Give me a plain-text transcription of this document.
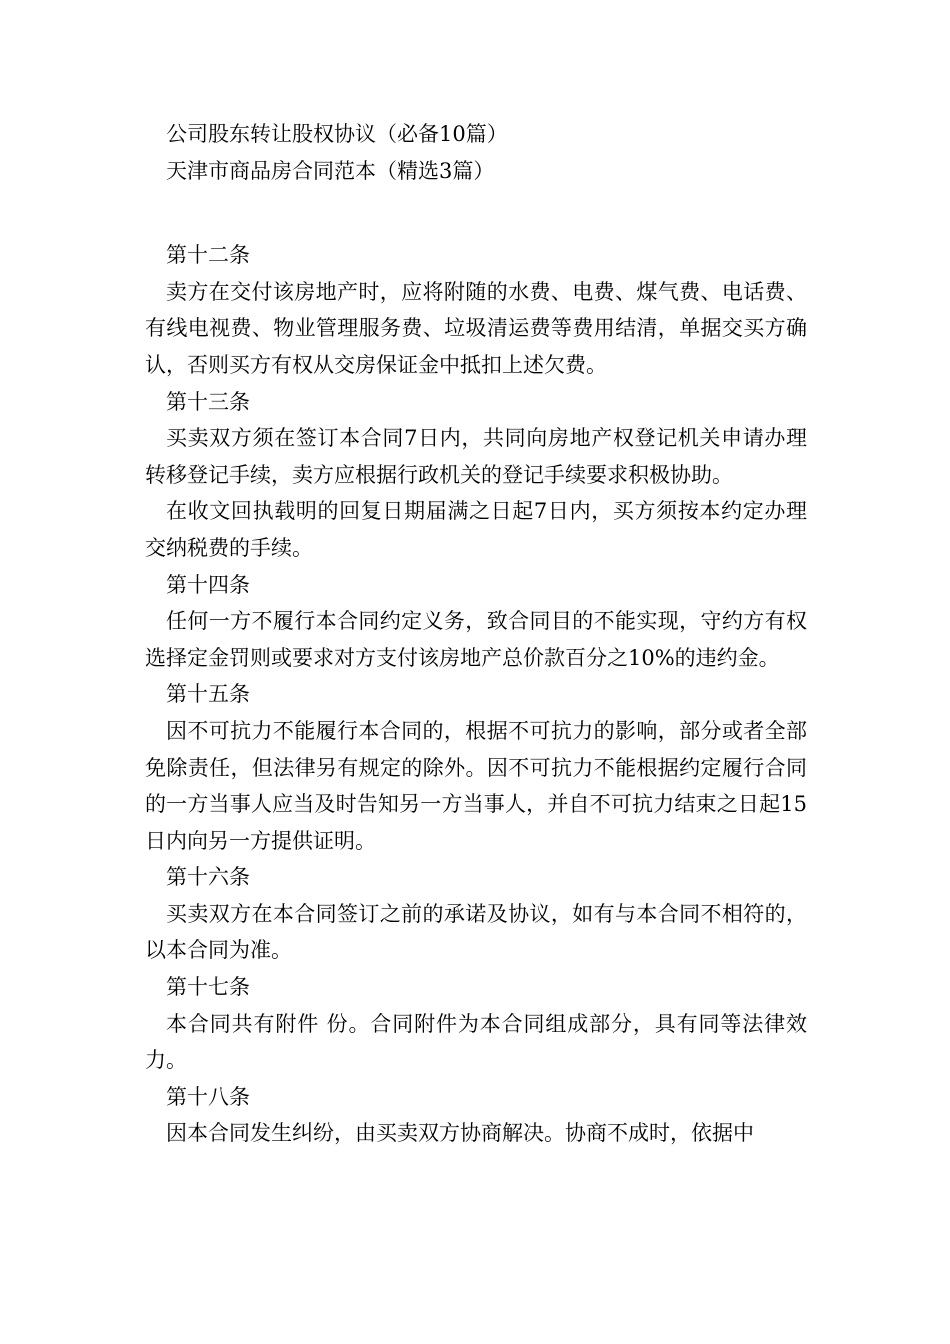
公司股东转让股权协议（必备10篇）
天津市商品房合同范本（精选3篇）
第十二条

卖方在交付该房地产时，应将附随的水费、电费、煤气费、电话费、有线电视费、物业管理服务费、垃圾清运费等费用结清，单据交买方确认，否则买方有权从交房保证金中抵扣上述欠费。

第十三条

买卖双方须在签订本合同7日内，共同向房地产权登记机关申请办理转移登记手续，卖方应根据行政机关的登记手续要求积极协助。

在收文回执载明的回复日期届满之日起7日内，买方须按本约定办理交纳税费的手续。

第十四条

任何一方不履行本合同约定义务，致合同目的不能实现，守约方有权选择定金罚则或要求对方支付该房地产总价款百分之10%的违约金。

第十五条

因不可抗力不能履行本合同的，根据不可抗力的影响，部分或者全部免除责任，但法律另有规定的除外。因不可抗力不能根据约定履行合同的一方当事人应当及时告知另一方当事人，并自不可抗力结束之日起15日内向另一方提供证明。

第十六条

买卖双方在本合同签订之前的承诺及协议，如有与本合同不相符的，以本合同为准。

第十七条

本合同共有附件 份。合同附件为本合同组成部分，具有同等法律效力。

第十八条

因本合同发生纠纷，由买卖双方协商解决。协商不成时，依据中
